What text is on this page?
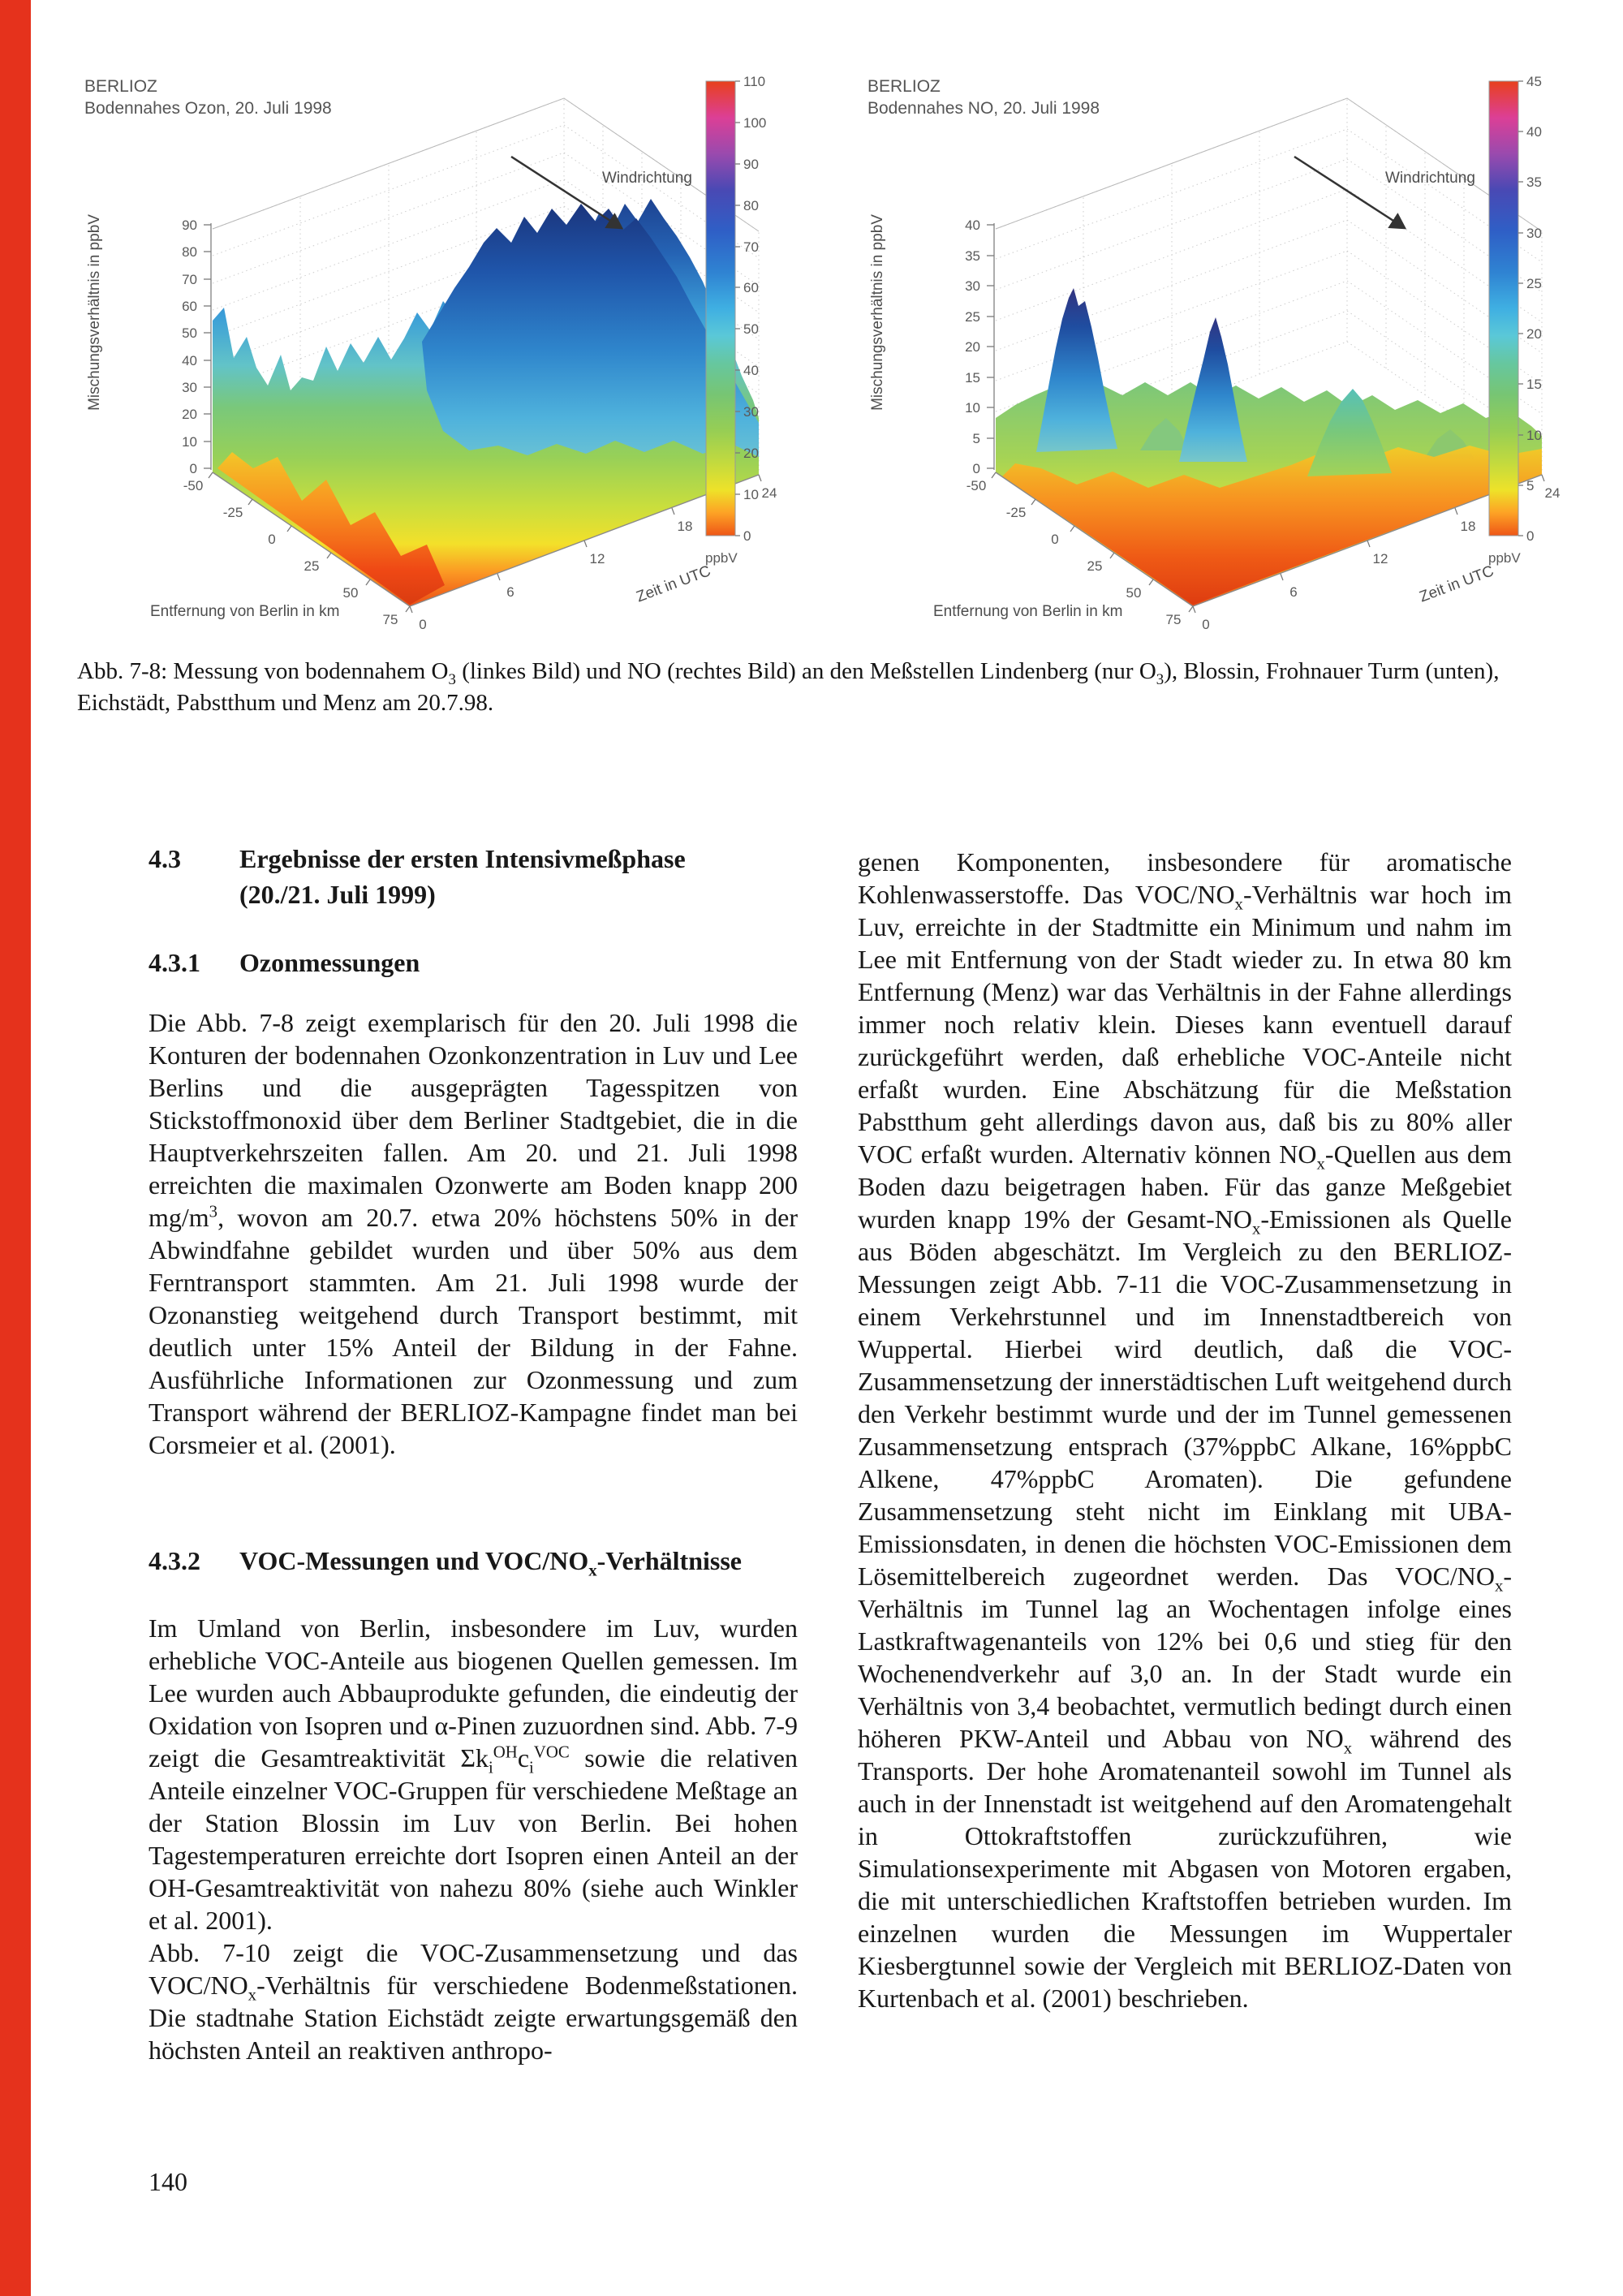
BERLIOZ
Bodennahes Ozon, 20. Juli 1998
90
80
70
60
50
40
30
20
10
0
Mischungsverhältnis in ppbV
-50
-25
0
25
50
75
Entfernung von Berlin in km
0
6
12
18
24
Zeit in UTC
Windrichtung
110
100
90
80
70
60
50
40
30
20
10
0
ppbV
BERLIOZ
Bodennahes NO, 20. Juli 1998
40
35
30
25
20
15
10
5
0
Mischungsverhältnis in ppbV
-50
-25
0
25
50
75
Entfernung von Berlin in km
0
6
12
18
24
Zeit in UTC
Windrichtung
45
40
35
30
25
20
15
10
5
0
ppbV
Abb. 7-8: Messung von bodennahem $O_3$ (linkes Bild) und NO (rechtes Bild) an den Meßstellen Lindenberg (nur $O_3$), Blossin, Frohnauer Turm (unten), Eichstädt, Pabstthum und Menz am 20.7.98.
4.3	Ergebnisse der ersten Intensivmeßphase
(20./21. Juli 1999)
4.3.1	Ozonmessungen
Die Abb. 7-8 zeigt exemplarisch für den 20. Juli 1998 die Konturen der bodennahen Ozonkonzentration in Luv und Lee Berlins und die ausgeprägten Tagesspitzen von Stickstoffmonoxid über dem Berliner Stadtgebiet, die in die Hauptverkehrszeiten fallen. Am 20. und 21. Juli 1998 erreichten die maximalen Ozonwerte am Boden knapp 200 $mg/m^3$, wovon am 20.7. etwa 20% höchstens 50% in der Abwindfahne gebildet wurden und über 50% aus dem Ferntransport stammten. Am 21. Juli 1998 wurde der Ozonanstieg weitgehend durch Transport bestimmt, mit deutlich unter 15% Anteil der Bildung in der Fahne. Ausführliche Informationen zur Ozonmessung und zum Transport während der BERLIOZ-Kampagne findet man bei Corsmeier et al. (2001).
4.3.2	VOC-Messungen und VOC/$NO_x$-Verhältnisse

Im Umland von Berlin, insbesondere im Luv, wurden erhebliche VOC-Anteile aus biogenen Quellen gemessen. Im Lee wurden auch Abbauprodukte gefunden, die eindeutig der Oxidation von Isopren und α-Pinen zuzuordnen sind. Abb. 7-9 zeigt die Gesamtreaktivität $\Sigma k_i^{OH}c_i^{VOC}$ sowie die relativen Anteile einzelner VOC-Gruppen für verschiedene Meßtage an der Station Blossin im Luv von Berlin. Bei hohen Tagestemperaturen erreichte dort Isopren einen Anteil an der OH-Gesamtreaktivität von nahezu 80% (siehe auch Winkler et al. 2001).

Abb. 7-10 zeigt die VOC-Zusammensetzung und das VOC/$NO_x$-Verhältnis für verschiedene Bodenmeßstationen. Die stadtnahe Station Eichstädt zeigte erwartungsgemäß den höchsten Anteil an reaktiven anthropo-

genen Komponenten, insbesondere für aromatische Kohlenwasserstoffe. Das VOC/$NO_x$-Verhältnis war hoch im Luv, erreichte in der Stadtmitte ein Minimum und nahm im Lee mit Entfernung von der Stadt wieder zu. In etwa 80 km Entfernung (Menz) war das Verhältnis in der Fahne allerdings immer noch relativ klein. Dieses kann eventuell darauf zurückgeführt werden, daß erhebliche VOC-Anteile nicht erfaßt wurden. Eine Abschätzung für die Meßstation Pabstthum geht allerdings davon aus, daß bis zu 80% aller VOC erfaßt wurden. Alternativ können $NO_x$-Quellen aus dem Boden dazu beigetragen haben. Für das ganze Meßgebiet wurden knapp 19% der Gesamt-$NO_x$-Emissionen als Quelle aus Böden abgeschätzt. Im Vergleich zu den BERLIOZ-Messungen zeigt Abb. 7-11 die VOC-Zusammensetzung in einem Verkehrstunnel und im Innenstadtbereich von Wuppertal. Hierbei wird deutlich, daß die VOC-Zusammensetzung der innerstädtischen Luft weitgehend durch den Verkehr bestimmt wurde und der im Tunnel gemessenen Zusammensetzung entsprach (37%ppbC Alkane, 16%ppbC Alkene, 47%ppbC Aromaten). Die gefundene Zusammensetzung steht nicht im Einklang mit UBA-Emissionsdaten, in denen die höchsten VOC-Emissionen dem Lösemittelbereich zugeordnet werden. Das VOC/$NO_x$-Verhältnis im Tunnel lag an Wochentagen infolge eines Lastkraftwagenanteils von 12% bei 0,6 und stieg für den Wochenendverkehr auf 3,0 an. In der Stadt wurde ein Verhältnis von 3,4 beobachtet, vermutlich bedingt durch einen höheren PKW-Anteil und Abbau von $NO_x$ während des Transports. Der hohe Aromatenanteil sowohl im Tunnel als auch in der Innenstadt ist weitgehend auf den Aromatengehalt in Ottokraftstoffen zurückzuführen, wie Simulationsexperimente mit Abgasen von Motoren ergaben, die mit unterschiedlichen Kraftstoffen betrieben wurden. Im einzelnen wurden die Messungen im Wuppertaler Kiesbergtunnel sowie der Vergleich mit BERLIOZ-Daten von Kurtenbach et al. (2001) beschrieben.
140
